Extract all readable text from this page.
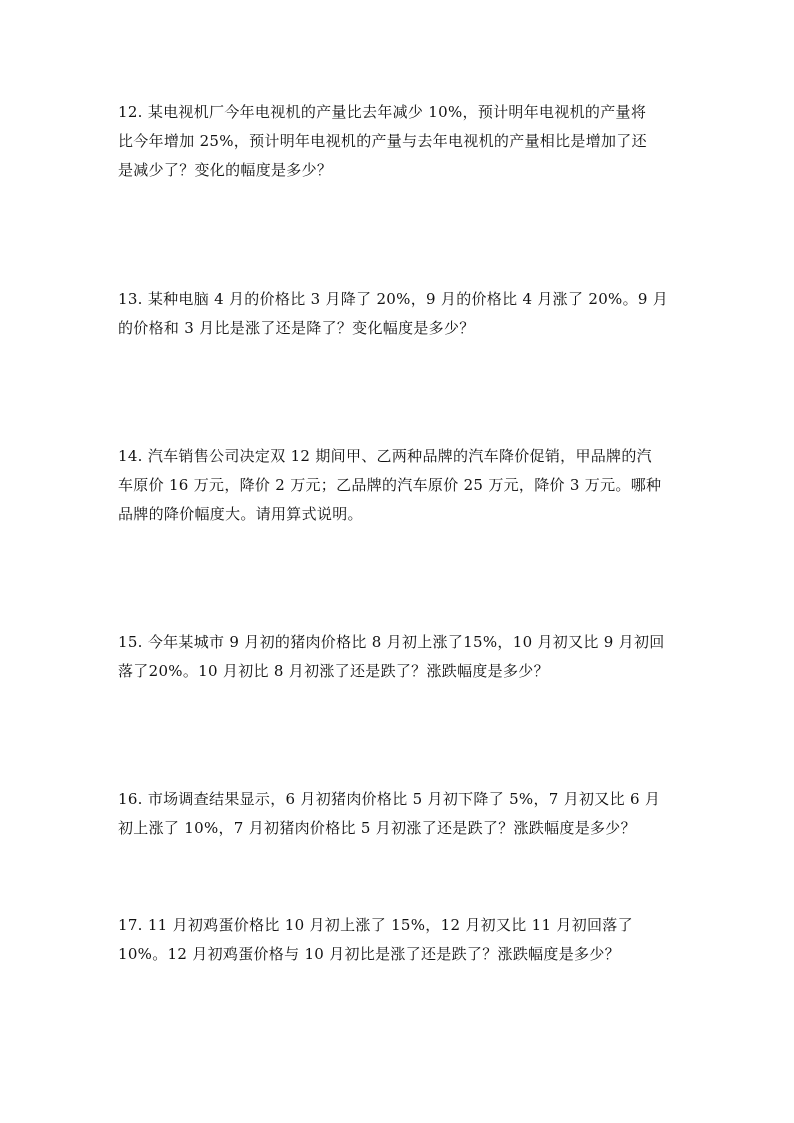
12. 某电视机厂今年电视机的产量比去年减少 10%，预计明年电视机的产量将
比今年增加 25%，预计明年电视机的产量与去年电视机的产量相比是增加了还
是减少了？变化的幅度是多少？
13. 某种电脑 4 月的价格比 3 月降了 20%，9 月的价格比 4 月涨了 20%。9 月
的价格和 3 月比是涨了还是降了？变化幅度是多少？
14. 汽车销售公司决定双 12 期间甲、乙两种品牌的汽车降价促销，甲品牌的汽
车原价 16 万元，降价 2 万元；乙品牌的汽车原价 25 万元，降价 3 万元。哪种
品牌的降价幅度大。请用算式说明。
15. 今年某城市 9 月初的猪肉价格比 8 月初上涨了15%，10 月初又比 9 月初回
落了20%。10 月初比 8 月初涨了还是跌了？涨跌幅度是多少？
16. 市场调查结果显示，6 月初猪肉价格比 5 月初下降了 5%，7 月初又比 6 月
初上涨了 10%，7 月初猪肉价格比 5 月初涨了还是跌了？涨跌幅度是多少？
17. 11 月初鸡蛋价格比 10 月初上涨了 15%，12 月初又比 11 月初回落了
10%。12 月初鸡蛋价格与 10 月初比是涨了还是跌了？涨跌幅度是多少？
